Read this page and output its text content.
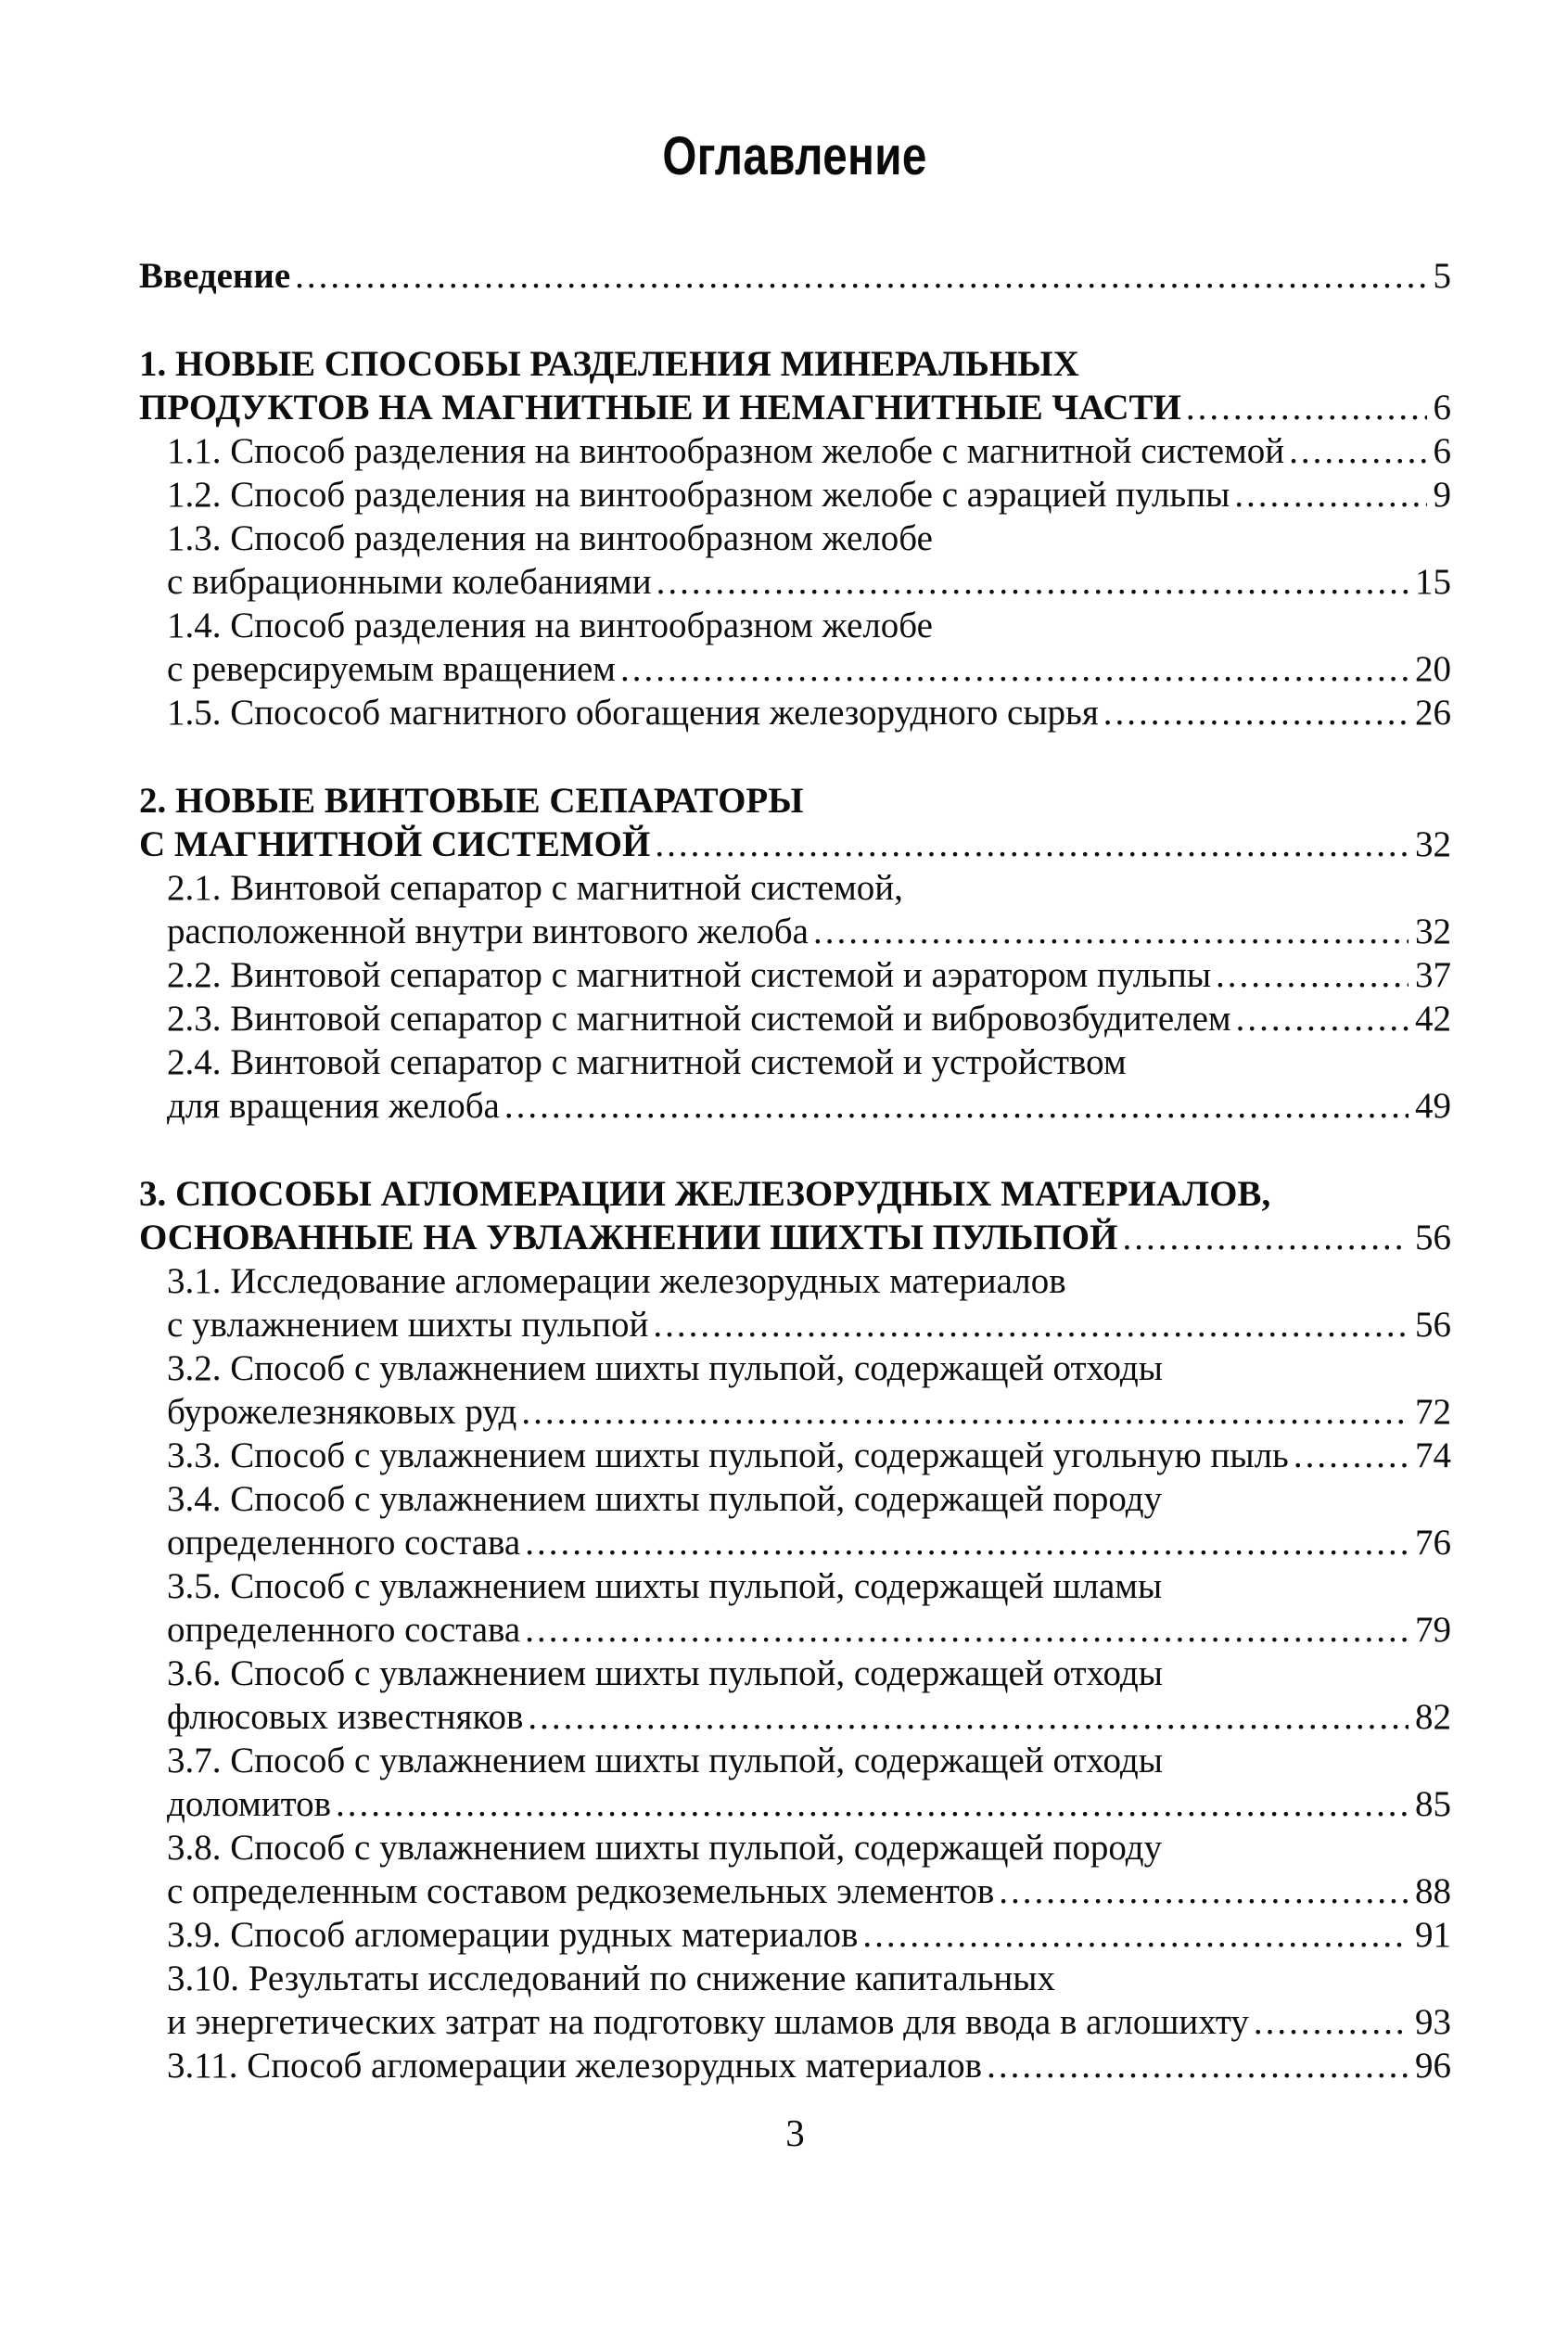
Оглавление
Введение .....	5
1. НОВЫЕ СПОСОБЫ РАЗДЕЛЕНИЯ МИНЕРАЛЬНЫХ
ПРОДУКТОВ НА МАГНИТНЫЕ И НЕМАГНИТНЫЕ ЧАСТИ .....	6
1.1. Способ разделения на винтообразном желобе с магнитной системой .....	6
1.2. Способ разделения на винтообразном желобе с аэрацией пульпы .....	9
1.3. Способ разделения на винтообразном желобе
с вибрационными колебаниями .....	15
1.4. Способ разделения на винтообразном желобе
с реверсируемым вращением .....	20
1.5. Спосособ магнитного обогащения железорудного сырья .....	26
2. НОВЫЕ ВИНТОВЫЕ СЕПАРАТОРЫ
С МАГНИТНОЙ СИСТЕМОЙ .....	32
2.1. Винтовой сепаратор с магнитной системой,
расположенной внутри винтового желоба .....	32
2.2. Винтовой сепаратор с магнитной системой и аэратором пульпы .....	37
2.3. Винтовой сепаратор с магнитной системой и вибровозбудителем .....	42
2.4. Винтовой сепаратор с магнитной системой и устройством
для вращения желоба .....	49
3. СПОСОБЫ АГЛОМЕРАЦИИ ЖЕЛЕЗОРУДНЫХ МАТЕРИАЛОВ,
ОСНОВАННЫЕ НА УВЛАЖНЕНИИ ШИХТЫ ПУЛЬПОЙ .....	56
3.1. Исследование агломерации железорудных материалов
с увлажнением шихты пульпой .....	56
3.2. Способ с увлажнением шихты пульпой, содержащей отходы
бурожелезняковых руд .....	72
3.3. Способ с увлажнением шихты пульпой, содержащей угольную пыль .....	74
3.4. Способ с увлажнением шихты пульпой, содержащей породу
определенного состава .....	76
3.5. Способ с увлажнением шихты пульпой, содержащей шламы
определенного состава .....	79
3.6. Способ с увлажнением шихты пульпой, содержащей отходы
флюсовых известняков .....	82
3.7. Способ с увлажнением шихты пульпой, содержащей отходы
доломитов .....	85
3.8. Способ с увлажнением шихты пульпой, содержащей породу
с определенным составом редкоземельных элементов .....	88
3.9. Способ агломерации рудных материалов .....	91
3.10. Результаты исследований по снижение капитальных
и энергетических затрат на подготовку шламов для ввода в аглошихту .....	93
3.11. Способ агломерации железорудных материалов .....	96
3
